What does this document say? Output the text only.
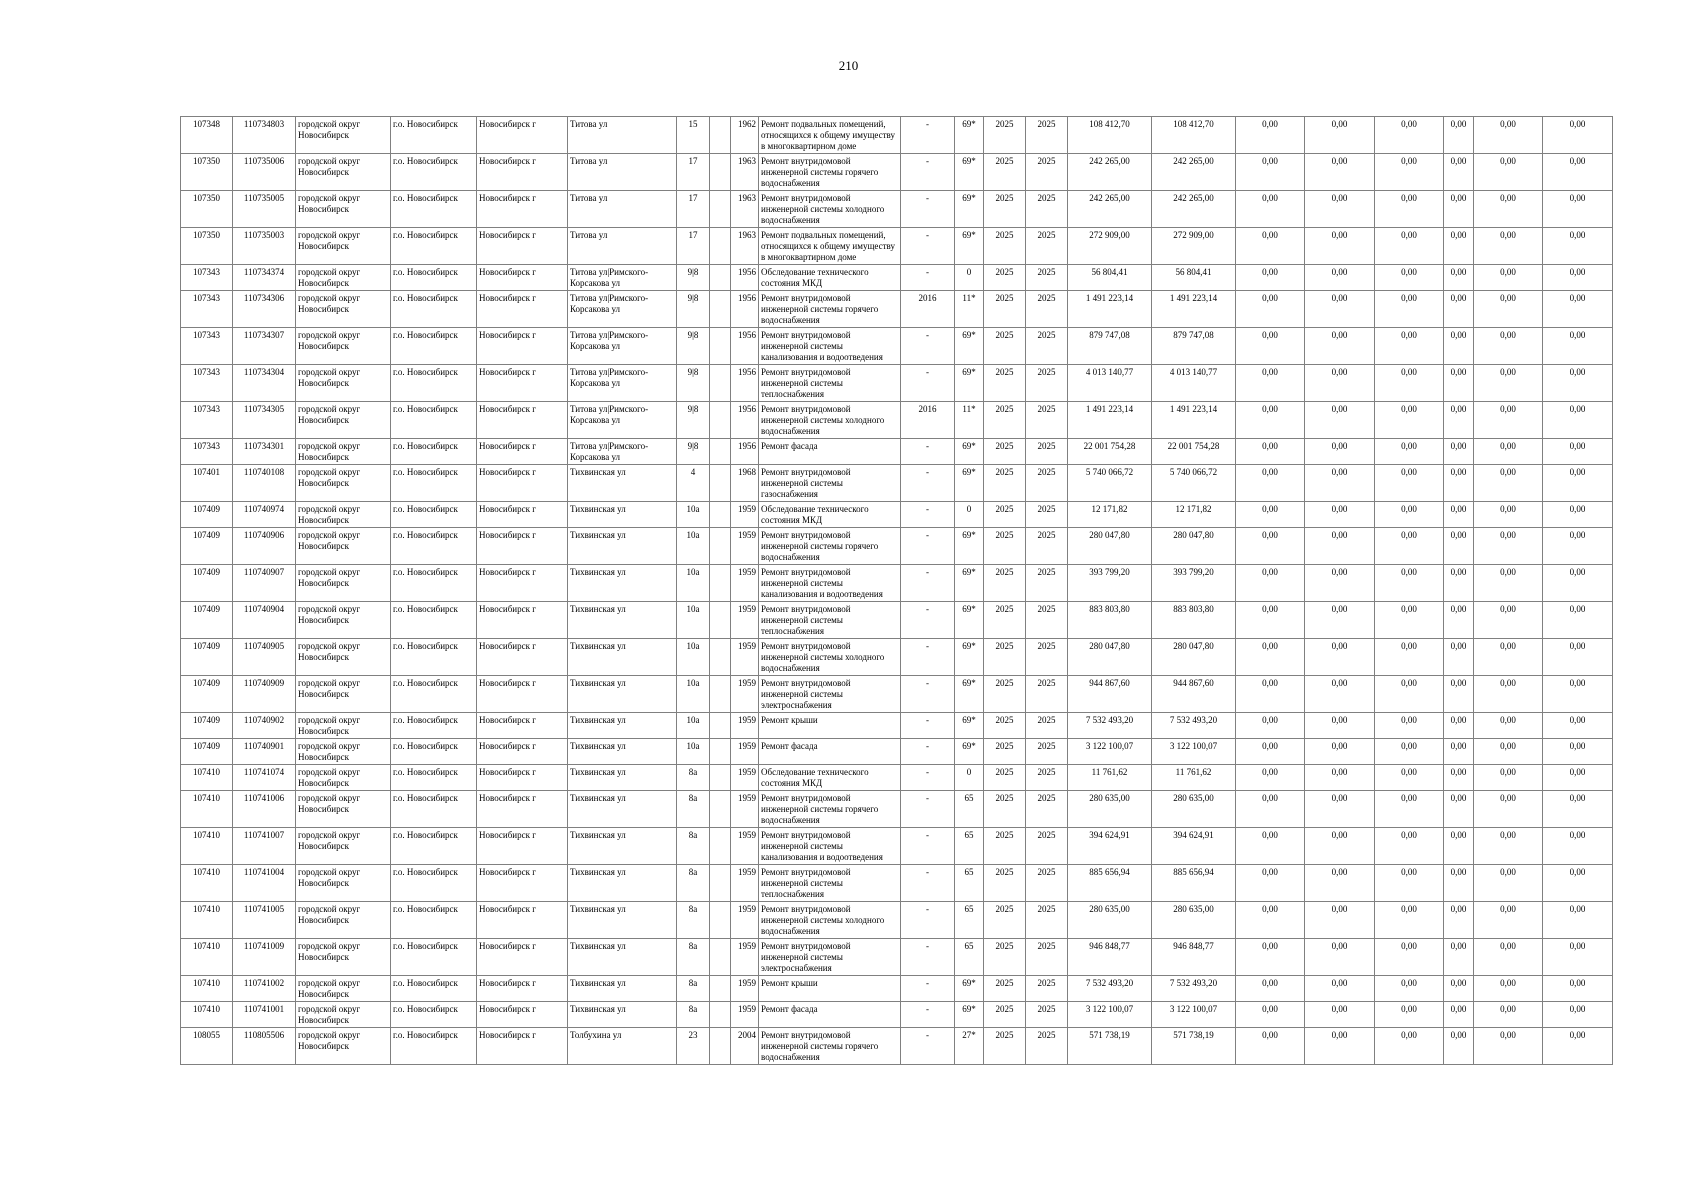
210
107348	110734803	городской округ Новосибирск	г.о. Новосибирск	Новосибирск г	Титова ул	15		1962	Ремонт подвальных помещений, относящихся к общему имуществу в многоквартирном доме	-	69*	2025	2025	108 412,70	108 412,70	0,00	0,00	0,00	0,00	0,00	0,00
107350	110735006	городской округ Новосибирск	г.о. Новосибирск	Новосибирск г	Титова ул	17		1963	Ремонт внутридомовой инженерной системы горячего водоснабжения	-	69*	2025	2025	242 265,00	242 265,00	0,00	0,00	0,00	0,00	0,00	0,00
107350	110735005	городской округ Новосибирск	г.о. Новосибирск	Новосибирск г	Титова ул	17		1963	Ремонт внутридомовой инженерной системы холодного водоснабжения	-	69*	2025	2025	242 265,00	242 265,00	0,00	0,00	0,00	0,00	0,00	0,00
107350	110735003	городской округ Новосибирск	г.о. Новосибирск	Новосибирск г	Титова ул	17		1963	Ремонт подвальных помещений, относящихся к общему имуществу в многоквартирном доме	-	69*	2025	2025	272 909,00	272 909,00	0,00	0,00	0,00	0,00	0,00	0,00
107343	110734374	городской округ Новосибирск	г.о. Новосибирск	Новосибирск г	Титова ул|Римского-Корсакова ул	9|8		1956	Обследование технического состояния МКД	-	0	2025	2025	56 804,41	56 804,41	0,00	0,00	0,00	0,00	0,00	0,00
107343	110734306	городской округ Новосибирск	г.о. Новосибирск	Новосибирск г	Титова ул|Римского-Корсакова ул	9|8		1956	Ремонт внутридомовой инженерной системы горячего водоснабжения	2016	11*	2025	2025	1 491 223,14	1 491 223,14	0,00	0,00	0,00	0,00	0,00	0,00
107343	110734307	городской округ Новосибирск	г.о. Новосибирск	Новосибирск г	Титова ул|Римского-Корсакова ул	9|8		1956	Ремонт внутридомовой инженерной системы канализования и водоотведения	-	69*	2025	2025	879 747,08	879 747,08	0,00	0,00	0,00	0,00	0,00	0,00
107343	110734304	городской округ Новосибирск	г.о. Новосибирск	Новосибирск г	Титова ул|Римского-Корсакова ул	9|8		1956	Ремонт внутридомовой инженерной системы теплоснабжения	-	69*	2025	2025	4 013 140,77	4 013 140,77	0,00	0,00	0,00	0,00	0,00	0,00
107343	110734305	городской округ Новосибирск	г.о. Новосибирск	Новосибирск г	Титова ул|Римского-Корсакова ул	9|8		1956	Ремонт внутридомовой инженерной системы холодного водоснабжения	2016	11*	2025	2025	1 491 223,14	1 491 223,14	0,00	0,00	0,00	0,00	0,00	0,00
107343	110734301	городской округ Новосибирск	г.о. Новосибирск	Новосибирск г	Титова ул|Римского-Корсакова ул	9|8		1956	Ремонт фасада	-	69*	2025	2025	22 001 754,28	22 001 754,28	0,00	0,00	0,00	0,00	0,00	0,00
107401	110740108	городской округ Новосибирск	г.о. Новосибирск	Новосибирск г	Тихвинская ул	4		1968	Ремонт внутридомовой инженерной системы газоснабжения	-	69*	2025	2025	5 740 066,72	5 740 066,72	0,00	0,00	0,00	0,00	0,00	0,00
107409	110740974	городской округ Новосибирск	г.о. Новосибирск	Новосибирск г	Тихвинская ул	10а		1959	Обследование технического состояния МКД	-	0	2025	2025	12 171,82	12 171,82	0,00	0,00	0,00	0,00	0,00	0,00
107409	110740906	городской округ Новосибирск	г.о. Новосибирск	Новосибирск г	Тихвинская ул	10а		1959	Ремонт внутридомовой инженерной системы горячего водоснабжения	-	69*	2025	2025	280 047,80	280 047,80	0,00	0,00	0,00	0,00	0,00	0,00
107409	110740907	городской округ Новосибирск	г.о. Новосибирск	Новосибирск г	Тихвинская ул	10а		1959	Ремонт внутридомовой инженерной системы канализования и водоотведения	-	69*	2025	2025	393 799,20	393 799,20	0,00	0,00	0,00	0,00	0,00	0,00
107409	110740904	городской округ Новосибирск	г.о. Новосибирск	Новосибирск г	Тихвинская ул	10а		1959	Ремонт внутридомовой инженерной системы теплоснабжения	-	69*	2025	2025	883 803,80	883 803,80	0,00	0,00	0,00	0,00	0,00	0,00
107409	110740905	городской округ Новосибирск	г.о. Новосибирск	Новосибирск г	Тихвинская ул	10а		1959	Ремонт внутридомовой инженерной системы холодного водоснабжения	-	69*	2025	2025	280 047,80	280 047,80	0,00	0,00	0,00	0,00	0,00	0,00
107409	110740909	городской округ Новосибирск	г.о. Новосибирск	Новосибирск г	Тихвинская ул	10а		1959	Ремонт внутридомовой инженерной системы электроснабжения	-	69*	2025	2025	944 867,60	944 867,60	0,00	0,00	0,00	0,00	0,00	0,00
107409	110740902	городской округ Новосибирск	г.о. Новосибирск	Новосибирск г	Тихвинская ул	10а		1959	Ремонт крыши	-	69*	2025	2025	7 532 493,20	7 532 493,20	0,00	0,00	0,00	0,00	0,00	0,00
107409	110740901	городской округ Новосибирск	г.о. Новосибирск	Новосибирск г	Тихвинская ул	10а		1959	Ремонт фасада	-	69*	2025	2025	3 122 100,07	3 122 100,07	0,00	0,00	0,00	0,00	0,00	0,00
107410	110741074	городской округ Новосибирск	г.о. Новосибирск	Новосибирск г	Тихвинская ул	8а		1959	Обследование технического состояния МКД	-	0	2025	2025	11 761,62	11 761,62	0,00	0,00	0,00	0,00	0,00	0,00
107410	110741006	городской округ Новосибирск	г.о. Новосибирск	Новосибирск г	Тихвинская ул	8а		1959	Ремонт внутридомовой инженерной системы горячего водоснабжения	-	65	2025	2025	280 635,00	280 635,00	0,00	0,00	0,00	0,00	0,00	0,00
107410	110741007	городской округ Новосибирск	г.о. Новосибирск	Новосибирск г	Тихвинская ул	8а		1959	Ремонт внутридомовой инженерной системы канализования и водоотведения	-	65	2025	2025	394 624,91	394 624,91	0,00	0,00	0,00	0,00	0,00	0,00
107410	110741004	городской округ Новосибирск	г.о. Новосибирск	Новосибирск г	Тихвинская ул	8а		1959	Ремонт внутридомовой инженерной системы теплоснабжения	-	65	2025	2025	885 656,94	885 656,94	0,00	0,00	0,00	0,00	0,00	0,00
107410	110741005	городской округ Новосибирск	г.о. Новосибирск	Новосибирск г	Тихвинская ул	8а		1959	Ремонт внутридомовой инженерной системы холодного водоснабжения	-	65	2025	2025	280 635,00	280 635,00	0,00	0,00	0,00	0,00	0,00	0,00
107410	110741009	городской округ Новосибирск	г.о. Новосибирск	Новосибирск г	Тихвинская ул	8а		1959	Ремонт внутридомовой инженерной системы электроснабжения	-	65	2025	2025	946 848,77	946 848,77	0,00	0,00	0,00	0,00	0,00	0,00
107410	110741002	городской округ Новосибирск	г.о. Новосибирск	Новосибирск г	Тихвинская ул	8а		1959	Ремонт крыши	-	69*	2025	2025	7 532 493,20	7 532 493,20	0,00	0,00	0,00	0,00	0,00	0,00
107410	110741001	городской округ Новосибирск	г.о. Новосибирск	Новосибирск г	Тихвинская ул	8а		1959	Ремонт фасада	-	69*	2025	2025	3 122 100,07	3 122 100,07	0,00	0,00	0,00	0,00	0,00	0,00
108055	110805506	городской округ Новосибирск	г.о. Новосибирск	Новосибирск г	Толбухина ул	23		2004	Ремонт внутридомовой инженерной системы горячего водоснабжения	-	27*	2025	2025	571 738,19	571 738,19	0,00	0,00	0,00	0,00	0,00	0,00
